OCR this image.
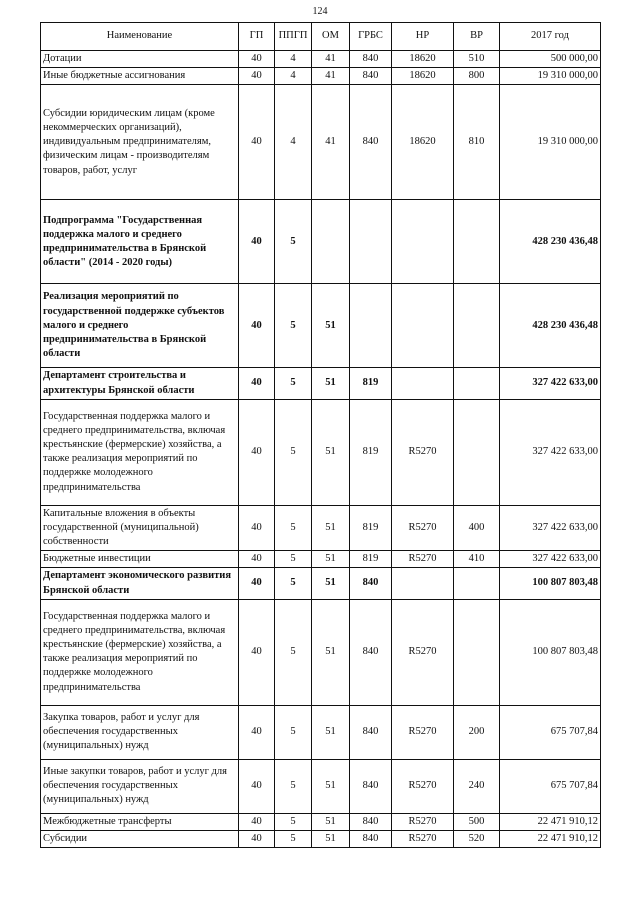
124
Наименование	ГП	ППГП	ОМ	ГРБС	НР	ВР	2017 год
Дотации	40	4	41	840	18620	510	500 000,00
Иные бюджетные ассигнования	40	4	41	840	18620	800	19 310 000,00
Субсидии юридическим лицам (кроме некоммерческих организаций), индивидуальным предпринимателям, физическим лицам - производителям товаров, работ, услуг	40	4	41	840	18620	810	19 310 000,00
Подпрограмма "Государственная поддержка малого и среднего предпринимательства в Брянской области" (2014 - 2020 годы)	40	5					428 230 436,48
Реализация мероприятий по государственной поддержке субъектов малого и среднего предпринимательства в Брянской области	40	5	51				428 230 436,48
Департамент строительства и архитектуры Брянской области	40	5	51	819			327 422 633,00
Государственная поддержка малого и среднего предпринимательства, включая крестьянские (фермерские) хозяйства, а также реализация мероприятий по поддержке молодежного предпринимательства	40	5	51	819	R5270		327 422 633,00
Капитальные вложения в объекты государственной (муниципальной) собственности	40	5	51	819	R5270	400	327 422 633,00
Бюджетные инвестиции	40	5	51	819	R5270	410	327 422 633,00
Департамент экономического развития Брянской области	40	5	51	840			100 807 803,48
Государственная поддержка малого и среднего предпринимательства, включая крестьянские (фермерские) хозяйства, а также реализация мероприятий по поддержке молодежного предпринимательства	40	5	51	840	R5270		100 807 803,48
Закупка товаров, работ и услуг для обеспечения государственных (муниципальных) нужд	40	5	51	840	R5270	200	675 707,84
Иные закупки товаров, работ и услуг для обеспечения государственных (муниципальных) нужд	40	5	51	840	R5270	240	675 707,84
Межбюджетные трансферты	40	5	51	840	R5270	500	22 471 910,12
Субсидии	40	5	51	840	R5270	520	22 471 910,12
